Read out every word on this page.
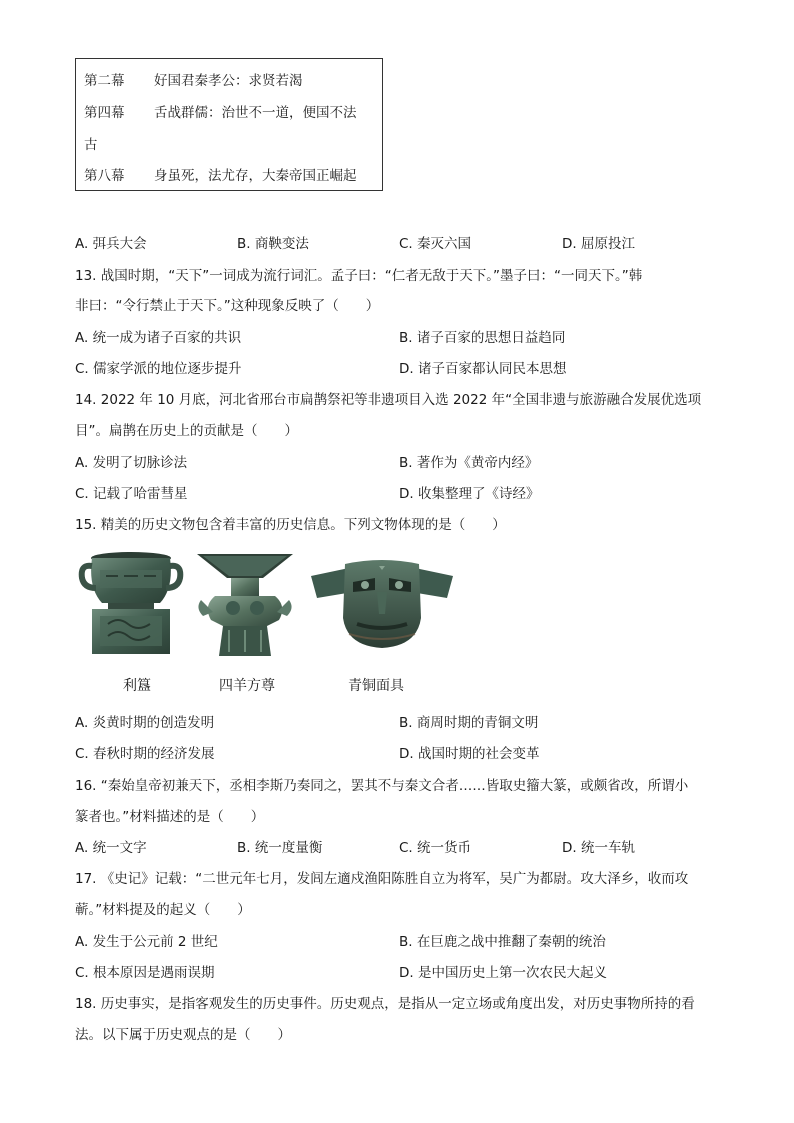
第二幕 好国君秦孝公：求贤若渴
第四幕 舌战群儒：治世不一道，便国不法
古
第八幕 身虽死，法尤存，大秦帝国正崛起
A. 弭兵大会	B. 商鞅变法	C. 秦灭六国	D. 屈原投江
13. 战国时期，“天下”一词成为流行词汇。孟子曰：“仁者无敌于天下。”墨子曰：“一同天下。”韩
非曰：“令行禁止于天下。”这种现象反映了（　　）
A. 统一成为诸子百家的共识	B. 诸子百家的思想日益趋同
C. 儒家学派的地位逐步提升	D. 诸子百家都认同民本思想
14. 2022 年 10 月底，河北省邢台市扁鹊祭祀等非遗项目入选 2022 年“全国非遗与旅游融合发展优选项
目”。扁鹊在历史上的贡献是（　　）
A. 发明了切脉诊法	B. 著作为《黄帝内经》
C. 记载了哈雷彗星	D. 收集整理了《诗经》
15. 精美的历史文物包含着丰富的历史信息。下列文物体现的是（　　）
利簋	四羊方尊	青铜面具
A. 炎黄时期的创造发明	B. 商周时期的青铜文明
C. 春秋时期的经济发展	D. 战国时期的社会变革
16. “秦始皇帝初兼天下，丞相李斯乃奏同之，罢其不与秦文合者……皆取史籀大篆，或颇省改，所谓小
篆者也。”材料描述的是（　　）
A. 统一文字	B. 统一度量衡	C. 统一货币	D. 统一车轨
17. 《史记》记载：“二世元年七月，发闾左適戍渔阳陈胜自立为将军，吴广为都尉。攻大泽乡，收而攻
蕲。”材料提及的起义（　　）
A. 发生于公元前 2 世纪	B. 在巨鹿之战中推翻了秦朝的统治
C. 根本原因是遇雨误期	D. 是中国历史上第一次农民大起义
18. 历史事实，是指客观发生的历史事件。历史观点，是指从一定立场或角度出发，对历史事物所持的看
法。以下属于历史观点的是（　　）
